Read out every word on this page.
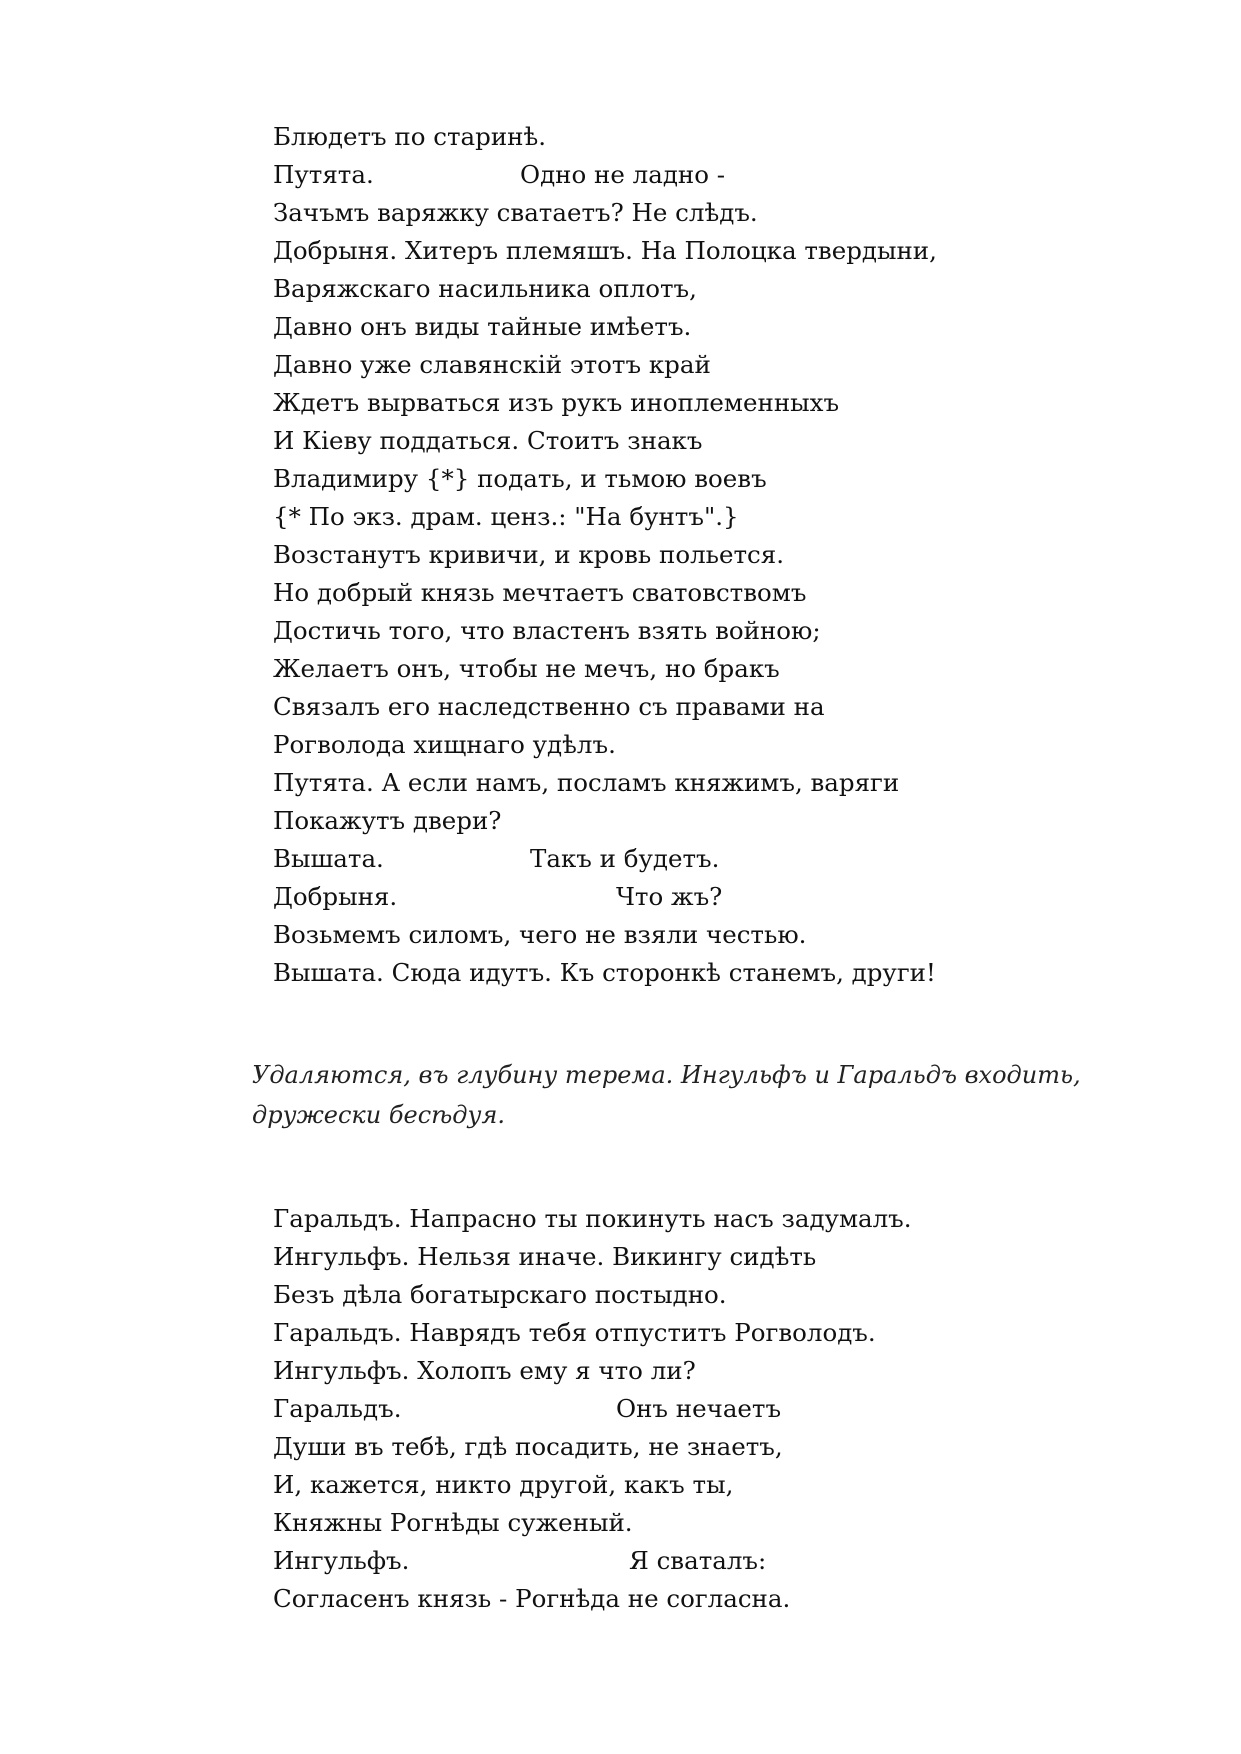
Блюдетъ по старинѣ.
Путята.	Одно не ладно -
Зачъмъ варяжку сватаетъ? Не слѣдъ.
Добрыня. Хитеръ племяшъ. На Полоцка твердыни,
Варяжскаго насильника оплотъ,
Давно онъ виды тайные имѣетъ.
Давно уже славянскій этотъ край
Ждетъ вырваться изъ рукъ иноплеменныхъ
И Кіеву поддаться. Стоитъ знакъ
Владимиру {*} подать, и тьмою воевъ
{* По экз. драм. ценз.: "На бунтъ".}
Возстанутъ кривичи, и кровь польется.
Но добрый князь мечтаетъ сватовствомъ
Достичь того, что властенъ взять войною;
Желаетъ онъ, чтобы не мечъ, но бракъ
Связалъ его наследственно съ правами на
Рогволода хищнаго удѣлъ.
Путята. А если намъ, посламъ княжимъ, варяги
Покажутъ двери?
Вышата.	Такъ и будетъ.
Добрыня.	Что жъ?
Возьмемъ силомъ, чего не взяли честью.
Вышата. Сюда идутъ. Къ сторонкѣ станемъ, други!

Удаляются, въ глубину терема. Ингульфъ и Гаральдъ входить, дружески бесѣдуя.

Гаральдъ. Напрасно ты покинуть насъ задумалъ.
Ингульфъ. Нельзя иначе. Викингу сидѣть
Безъ дѣла богатырскаго постыдно.
Гаральдъ. Наврядъ тебя отпуститъ Рогволодъ.
Ингульфъ. Холопъ ему я что ли?
Гаральдъ.	Онъ нечаетъ
Души въ тебѣ, гдѣ посадить, не знаетъ,
И, кажется, никто другой, какъ ты,
Княжны Рогнѣды суженый.
Ингульфъ.	Я сваталъ:
Согласенъ князь - Рогнѣда не согласна.
